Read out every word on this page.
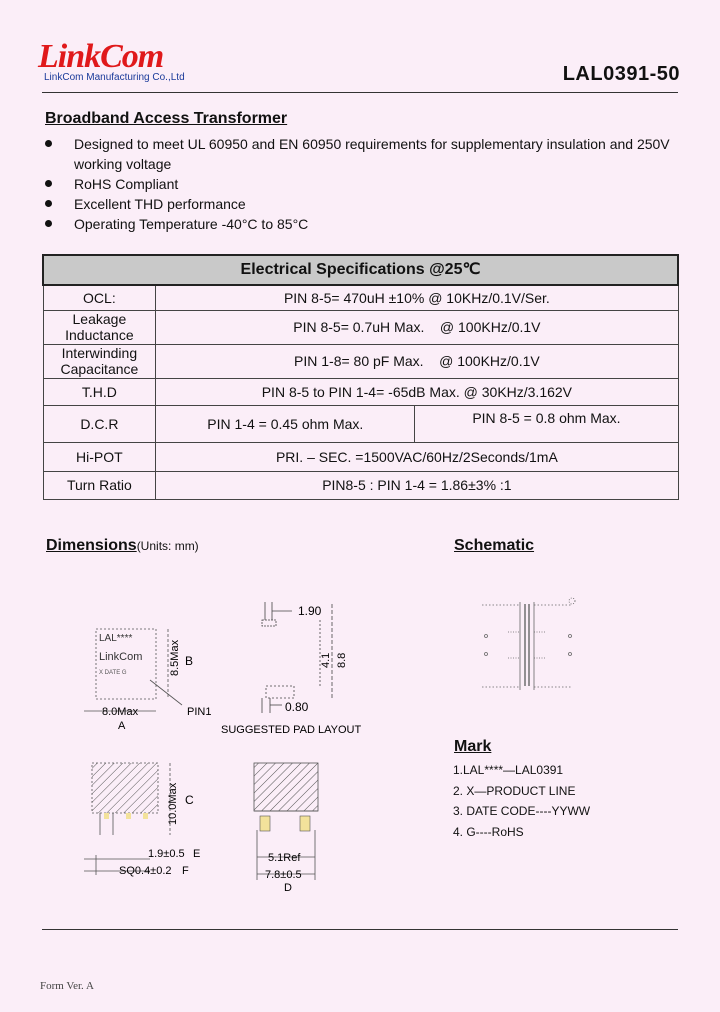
LinkCom
LinkCom Manufacturing Co.,Ltd	LAL0391-50
Broadband Access Transformer
Designed to meet UL 60950 and EN 60950 requirements for supplementary insulation and 250V working voltage
RoHS Compliant
Excellent THD performance
Operating Temperature -40°C to 85°C
Electrical Specifications @25℃		
OCL:	PIN 8-5= 470uH ±10% @ 10KHz/0.1V/Ser.	

Leakage
Inductance	PIN 8-5= 0.7uH Max.    @ 100KHz/0.1V	

Interwinding
Capacitance	PIN 1-8= 80 pF Max.    @ 100KHz/0.1V	
T.H.D	PIN 8-5 to PIN 1-4= -65dB Max. @ 30KHz/3.162V	
D.C.R	PIN 1-4 = 0.45 ohm Max.	PIN 8-5 = 0.8 ohm Max.
Hi-POT	PRI. – SEC. =1500VAC/60Hz/2Seconds/1mA	
Turn Ratio	PIN8-5 : PIN 1-4 = 1.86±3% :1	
Dimensions(Units: mm)	Schematic
LAL****
LinkCom
X DATE G	8.5Max B
8.0Max
A
PIN1
1.90
4.1 8.8
0.80
SUGGESTED PAD LAYOUT
10.0Max C
1.9±0.5 E
SQ0.4±0.2 F
5.1Ref
7.8±0.5
D
Mark
1.LAL****—LAL0391
2. X—PRODUCT LINE
3. DATE CODE----YYWW
4. G----RoHS
Form Ver. A
